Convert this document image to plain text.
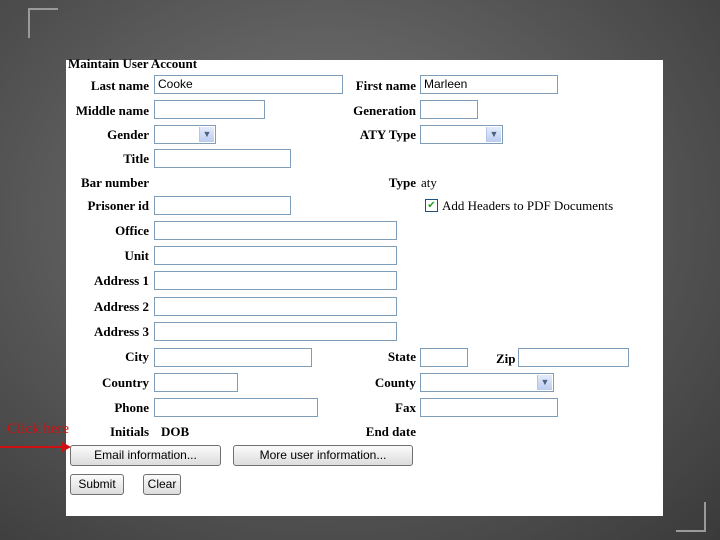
Maintain User Account
Last name Cooke	First name Marleen
Middle name	Generation
Gender	▼	ATY Type	▼
Title
Bar number	Type aty
Prisoner id	✔ Add Headers to PDF Documents
Office
Unit
Address 1
Address 2
Address 3
City	State	Zip
Country	County	▼
Phone	Fax
Initials DOB	End date
Email information...	More user information...
Submit	Clear
Click here
